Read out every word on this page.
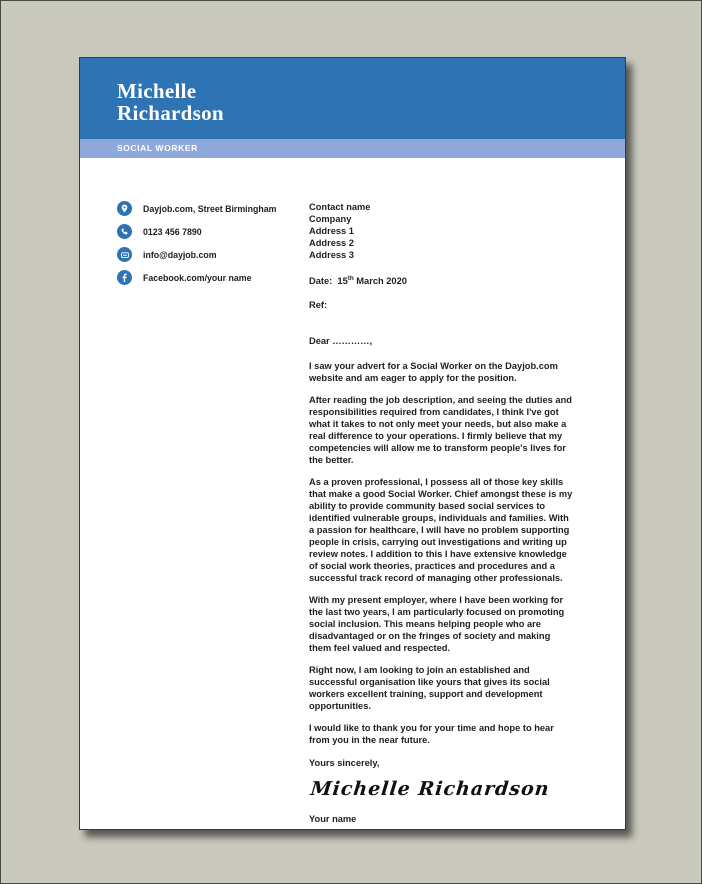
Michelle
Richardson
SOCIAL WORKER
Dayjob.com, Street Birmingham
0123 456 7890
info@dayjob.com
Facebook.com/your name
Contact name
Company
Address 1
Address 2
Address 3
Date: 15th March 2020
Ref:
Dear …………,

I saw your advert for a Social Worker on the Dayjob.com website and am eager to apply for the position.

After reading the job description, and seeing the duties and responsibilities required from candidates, I think I've got what it takes to not only meet your needs, but also make a real difference to your operations. I firmly believe that my competencies will allow me to transform people's lives for the better.

As a proven professional, I possess all of those key skills that make a good Social Worker. Chief amongst these is my ability to provide community based social services to identified vulnerable groups, individuals and families. With a passion for healthcare, I will have no problem supporting people in crisis, carrying out investigations and writing up review notes. I addition to this I have extensive knowledge of social work theories, practices and procedures and a successful track record of managing other professionals.

With my present employer, where I have been working for the last two years, I am particularly focused on promoting social inclusion. This means helping people who are disadvantaged or on the fringes of society and making them feel valued and respected.

Right now, I am looking to join an established and successful organisation like yours that gives its social workers excellent training, support and development opportunities.

I would like to thank you for your time and hope to hear from you in the near future.

Yours sincerely,
Michelle Richardson
Your name
